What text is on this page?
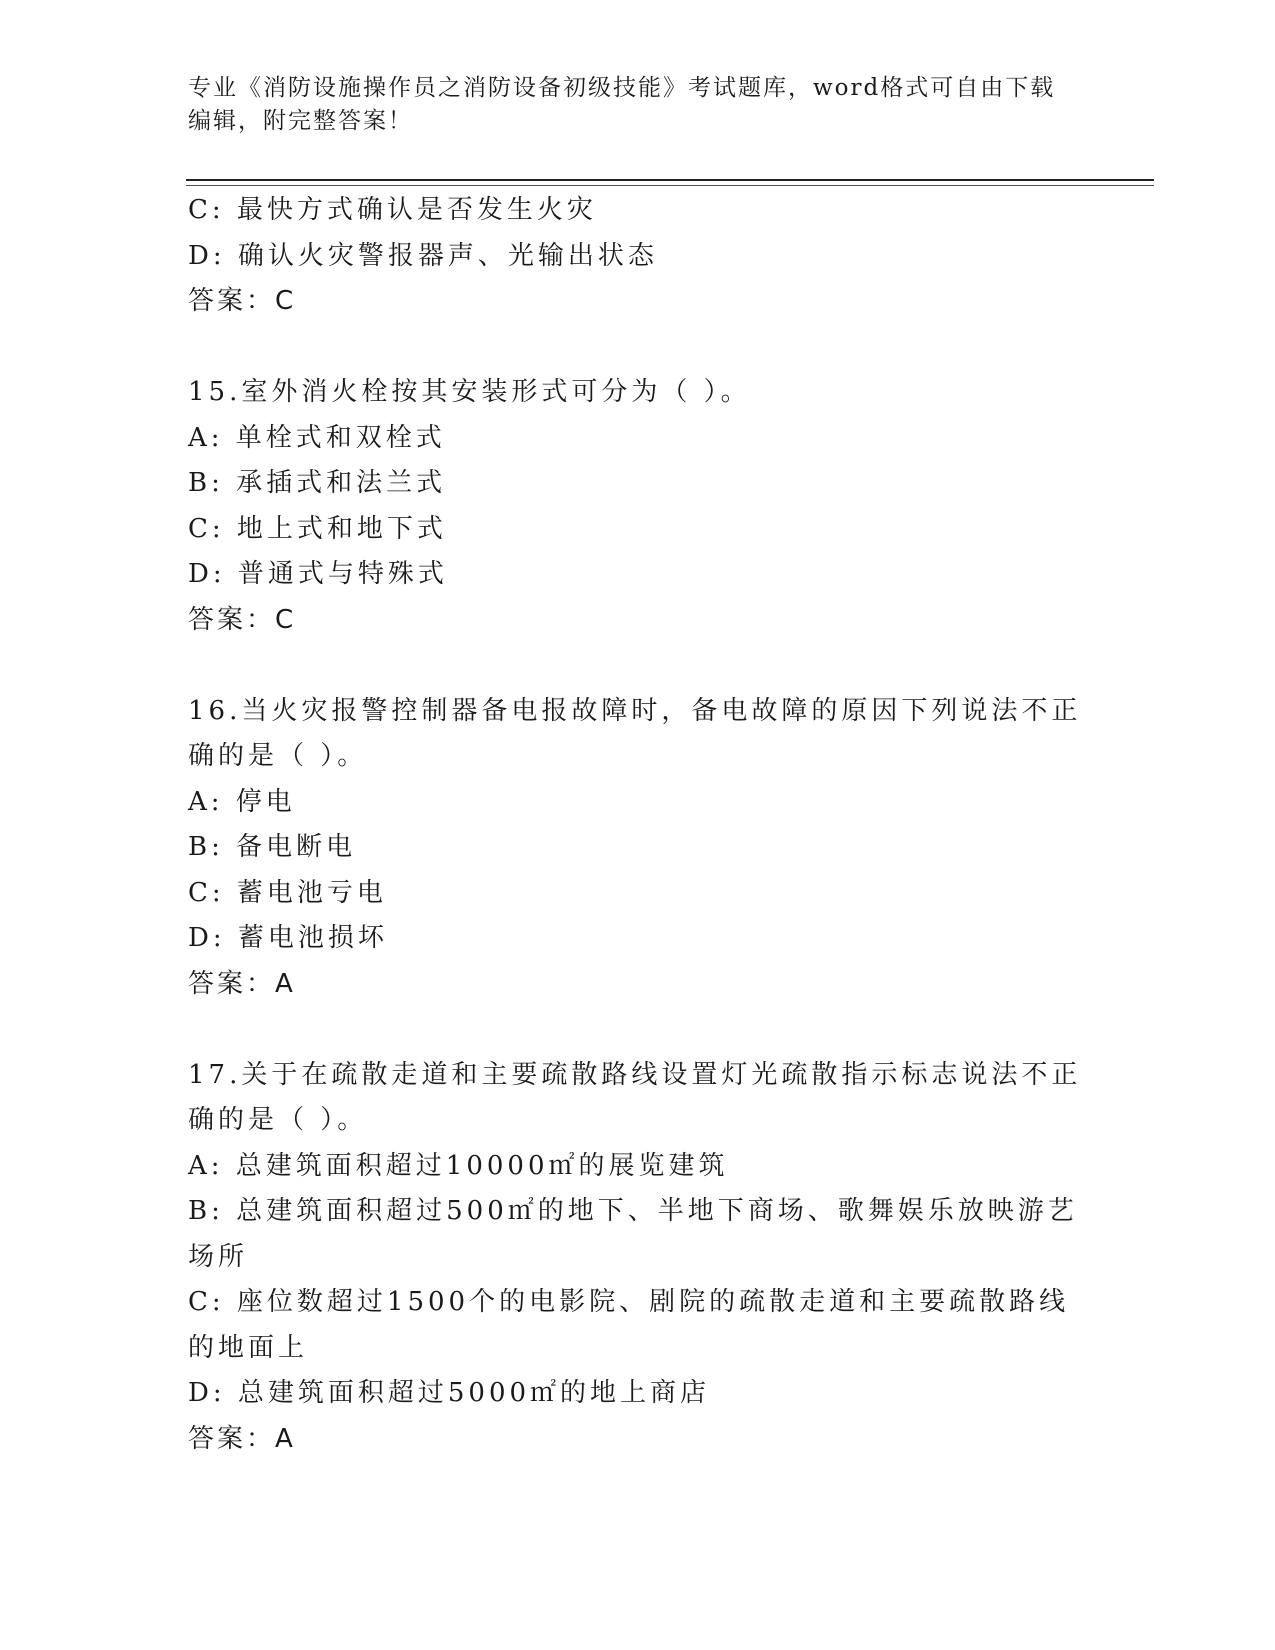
专业《消防设施操作员之消防设备初级技能》考试题库，word格式可自由下载编辑，附完整答案！
C: 最快方式确认是否发生火灾
D: 确认火灾警报器声、光输出状态
答案：C
15.室外消火栓按其安装形式可分为（ ）。
A: 单栓式和双栓式
B: 承插式和法兰式
C: 地上式和地下式
D: 普通式与特殊式
答案：C
16.当火灾报警控制器备电报故障时，备电故障的原因下列说法不正确的是（ ）。
A: 停电
B: 备电断电
C: 蓄电池亏电
D: 蓄电池损坏
答案：A
17.关于在疏散走道和主要疏散路线设置灯光疏散指示标志说法不正确的是（ ）。
A: 总建筑面积超过10000㎡的展览建筑
B: 总建筑面积超过500㎡的地下、半地下商场、歌舞娱乐放映游艺场所
C: 座位数超过1500个的电影院、剧院的疏散走道和主要疏散路线的地面上
D: 总建筑面积超过5000㎡的地上商店
答案：A
